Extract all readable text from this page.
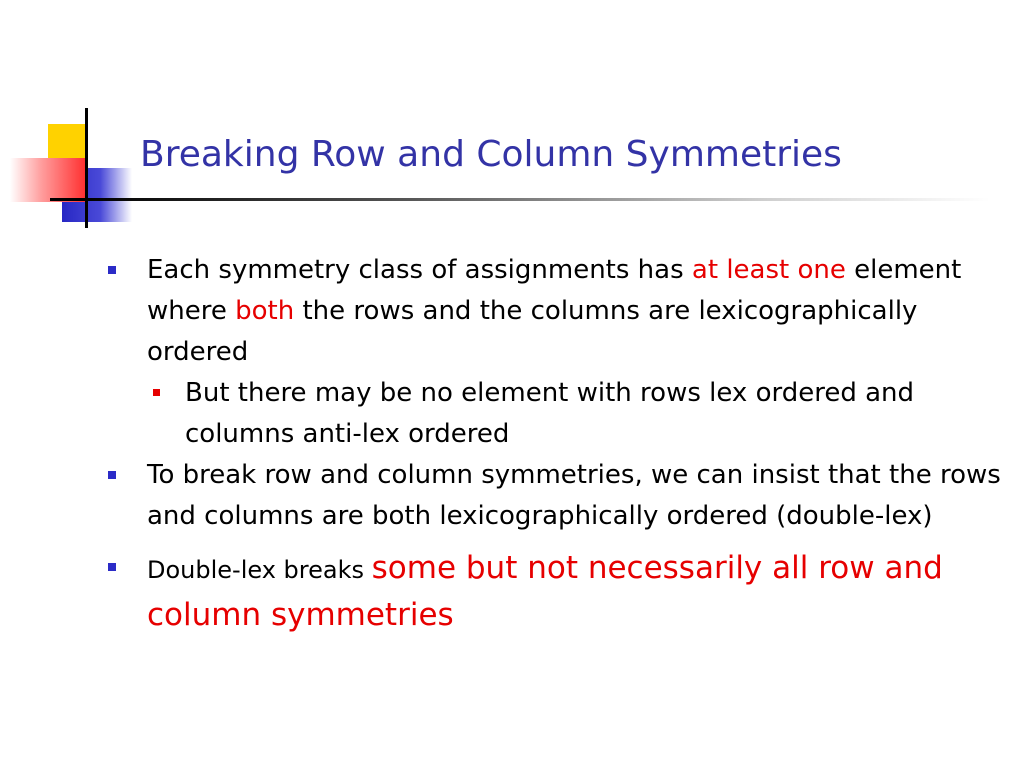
Breaking Row and Column Symmetries
Each symmetry class of assignments has at least one element where both the rows and the columns are lexicographically ordered
But there may be no element with rows lex ordered and columns anti-lex ordered
To break row and column symmetries, we can insist that the rows and columns are both lexicographically ordered (double-lex)
Double-lex breaks some but not necessarily all row and column symmetries
